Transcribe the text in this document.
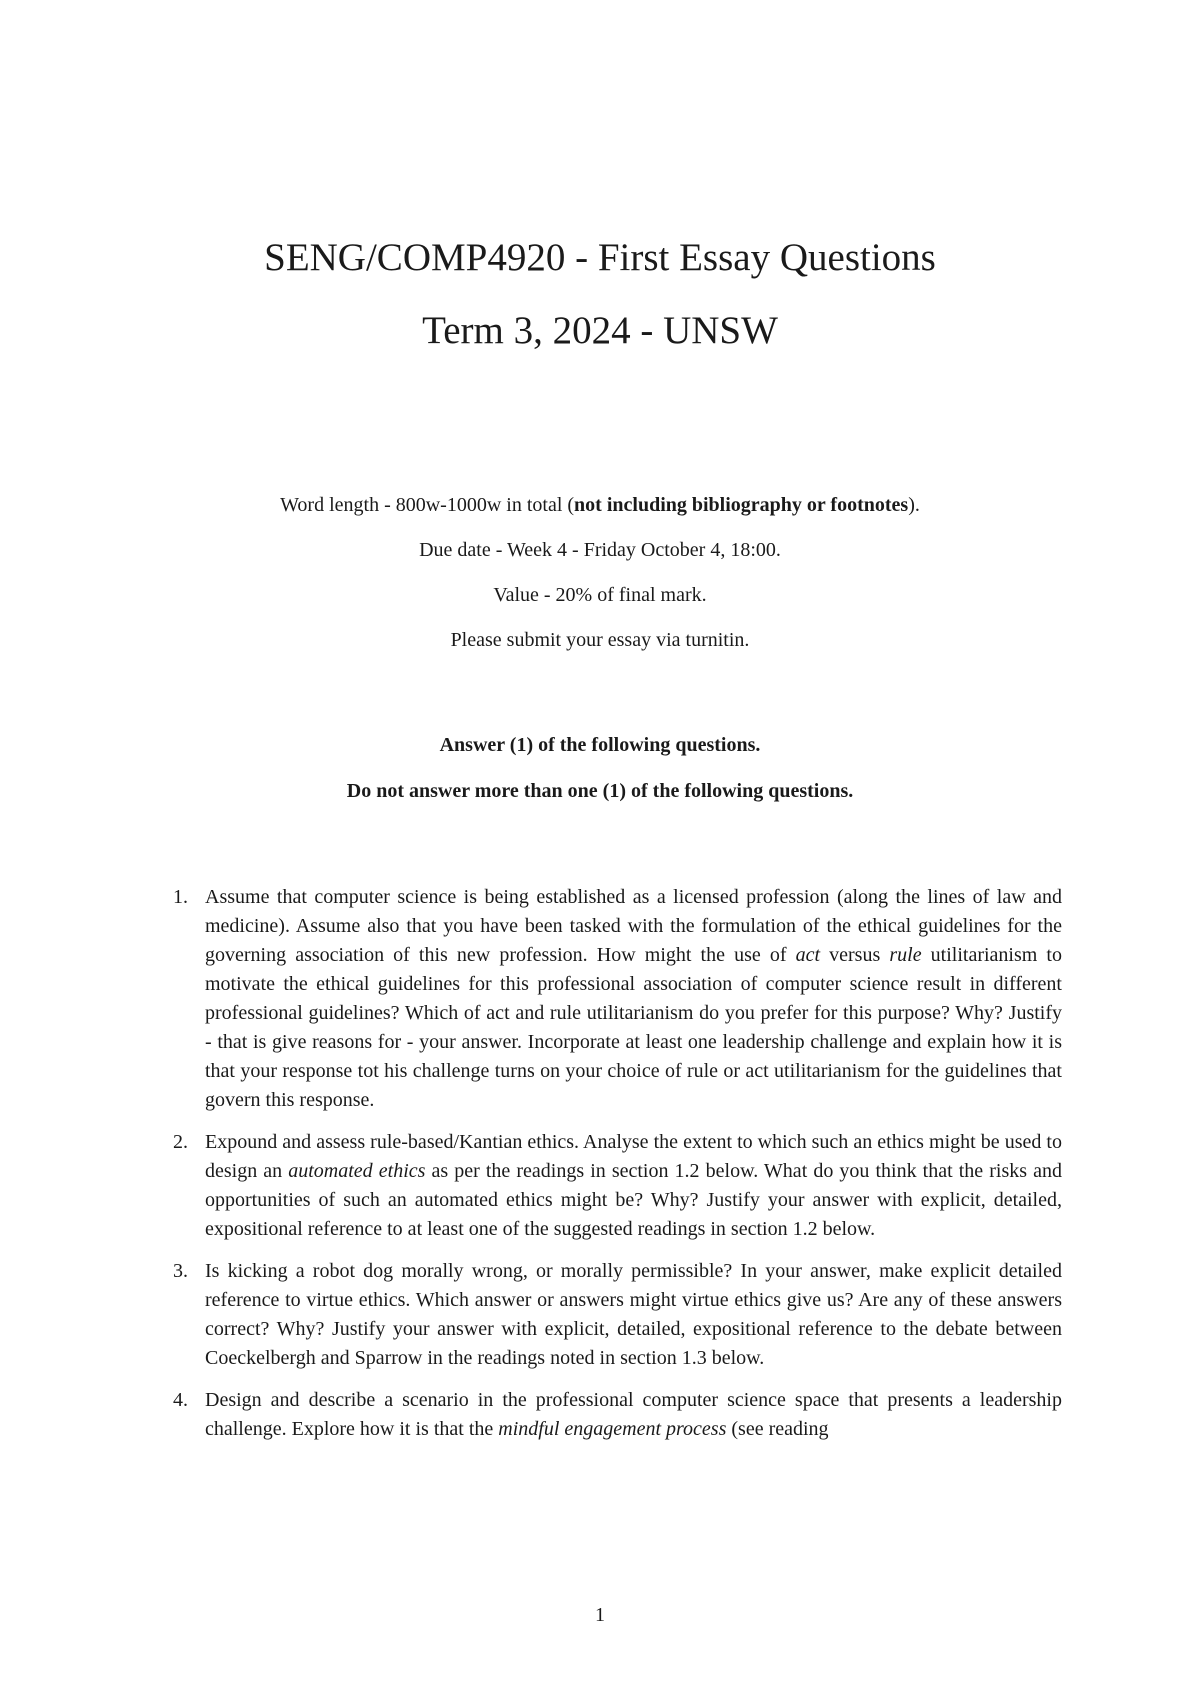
SENG/COMP4920 - First Essay Questions
Term 3, 2024 - UNSW

Word length - 800w-1000w in total (not including bibliography or footnotes).

Due date - Week 4 - Friday October 4, 18:00.

Value - 20% of final mark.

Please submit your essay via turnitin.

Answer (1) of the following questions.

Do not answer more than one (1) of the following questions.

1. Assume that computer science is being established as a licensed profession (along the lines of law and medicine). Assume also that you have been tasked with the formulation of the ethical guidelines for the governing association of this new profession. How might the use of act versus rule utilitarianism to motivate the ethical guidelines for this professional association of computer science result in different professional guidelines? Which of act and rule utilitarianism do you prefer for this purpose? Why? Justify - that is give reasons for - your answer. Incorporate at least one leadership challenge and explain how it is that your response tot his challenge turns on your choice of rule or act utilitarianism for the guidelines that govern this response.
2. Expound and assess rule-based/Kantian ethics. Analyse the extent to which such an ethics might be used to design an automated ethics as per the readings in section 1.2 below. What do you think that the risks and opportunities of such an automated ethics might be? Why? Justify your answer with explicit, detailed, expositional reference to at least one of the suggested readings in section 1.2 below.
3. Is kicking a robot dog morally wrong, or morally permissible? In your answer, make explicit detailed reference to virtue ethics. Which answer or answers might virtue ethics give us? Are any of these answers correct? Why? Justify your answer with explicit, detailed, expositional reference to the debate between Coeckelbergh and Sparrow in the readings noted in section 1.3 below.
4. Design and describe a scenario in the professional computer science space that presents a leadership challenge. Explore how it is that the mindful engagement process (see reading
1
